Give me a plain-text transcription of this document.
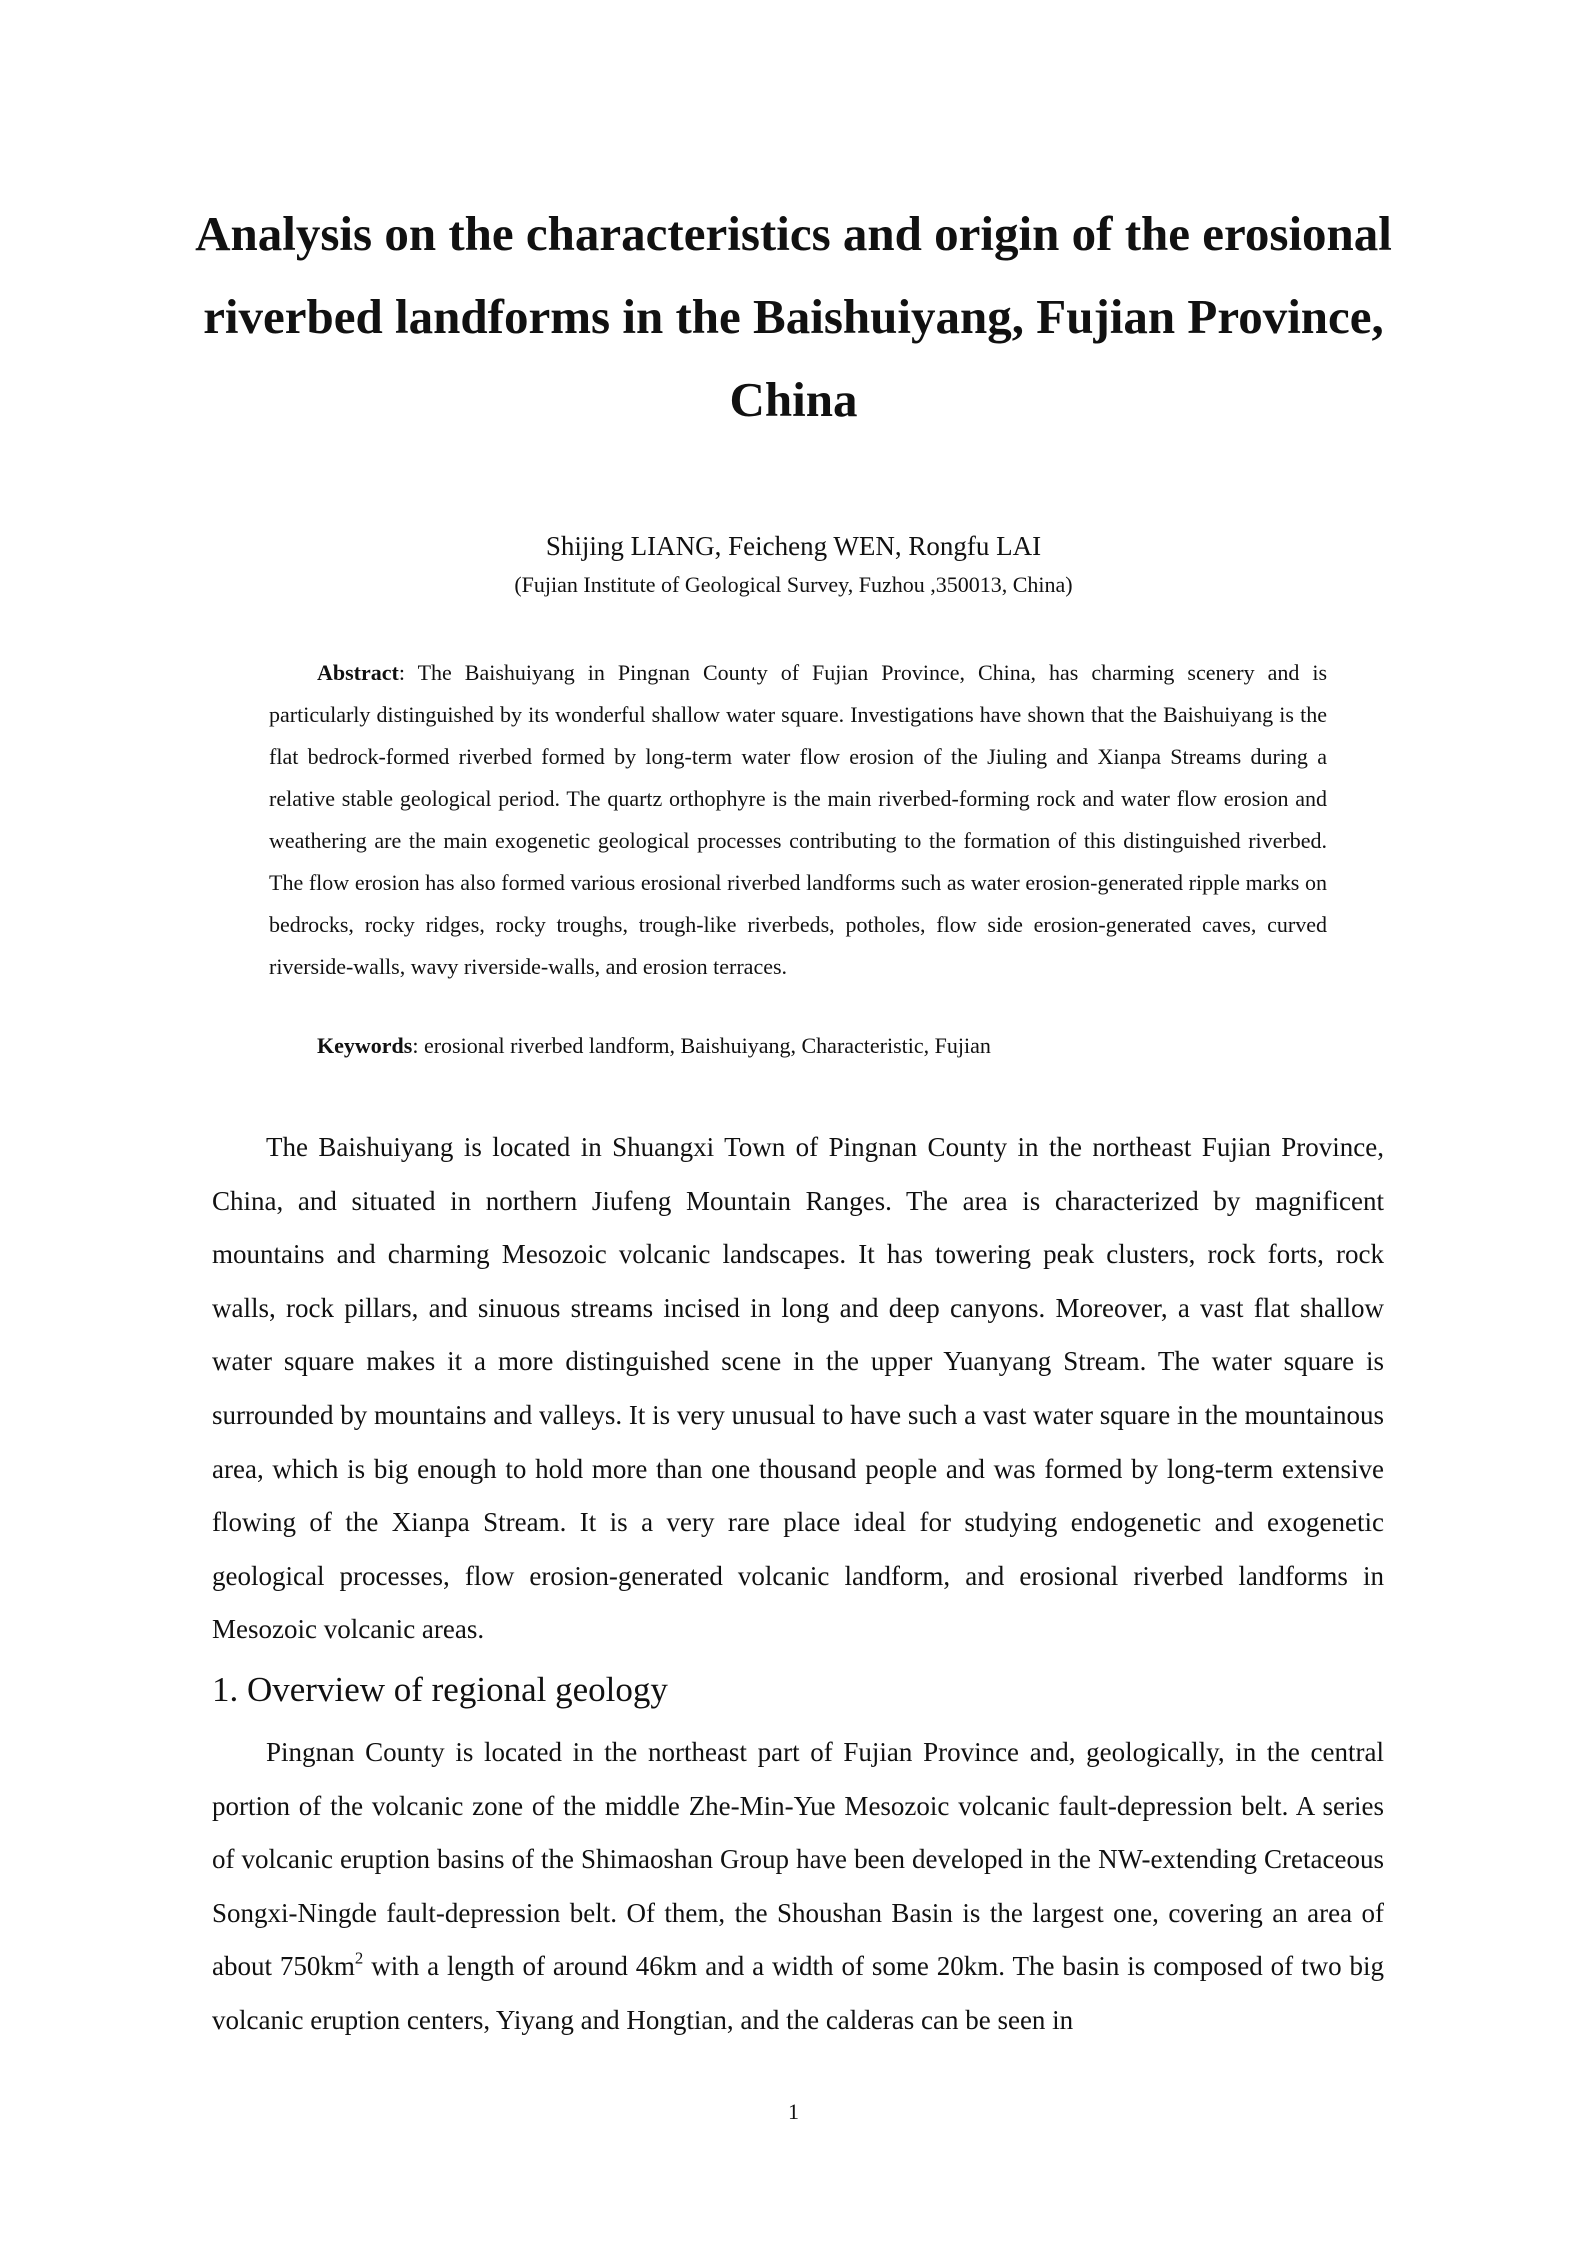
Analysis on the characteristics and origin of the erosional riverbed landforms in the Baishuiyang, Fujian Province, China
Shijing LIANG, Feicheng WEN, Rongfu LAI
(Fujian Institute of Geological Survey, Fuzhou ,350013, China)

Abstract: The Baishuiyang in Pingnan County of Fujian Province, China, has charming scenery and is particularly distinguished by its wonderful shallow water square. Investigations have shown that the Baishuiyang is the flat bedrock-formed riverbed formed by long-term water flow erosion of the Jiuling and Xianpa Streams during a relative stable geological period. The quartz orthophyre is the main riverbed-forming rock and water flow erosion and weathering are the main exogenetic geological processes contributing to the formation of this distinguished riverbed. The flow erosion has also formed various erosional riverbed landforms such as water erosion-generated ripple marks on bedrocks, rocky ridges, rocky troughs, trough-like riverbeds, potholes, flow side erosion-generated caves, curved riverside-walls, wavy riverside-walls, and erosion terraces.

Keywords: erosional riverbed landform, Baishuiyang, Characteristic, Fujian

The Baishuiyang is located in Shuangxi Town of Pingnan County in the northeast Fujian Province, China, and situated in northern Jiufeng Mountain Ranges. The area is characterized by magnificent mountains and charming Mesozoic volcanic landscapes. It has towering peak clusters, rock forts, rock walls, rock pillars, and sinuous streams incised in long and deep canyons. Moreover, a vast flat shallow water square makes it a more distinguished scene in the upper Yuanyang Stream. The water square is surrounded by mountains and valleys. It is very unusual to have such a vast water square in the mountainous area, which is big enough to hold more than one thousand people and was formed by long-term extensive flowing of the Xianpa Stream. It is a very rare place ideal for studying endogenetic and exogenetic geological processes, flow erosion-generated volcanic landform, and erosional riverbed landforms in Mesozoic volcanic areas.

1. Overview of regional geology

Pingnan County is located in the northeast part of Fujian Province and, geologically, in the central portion of the volcanic zone of the middle Zhe-Min-Yue Mesozoic volcanic fault-depression belt. A series of volcanic eruption basins of the Shimaoshan Group have been developed in the NW-extending Cretaceous Songxi-Ningde fault-depression belt. Of them, the Shoushan Basin is the largest one, covering an area of about $750km^2$ with a length of around 46km and a width of some 20km. The basin is composed of two big volcanic eruption centers, Yiyang and Hongtian, and the calderas can be seen in

1
